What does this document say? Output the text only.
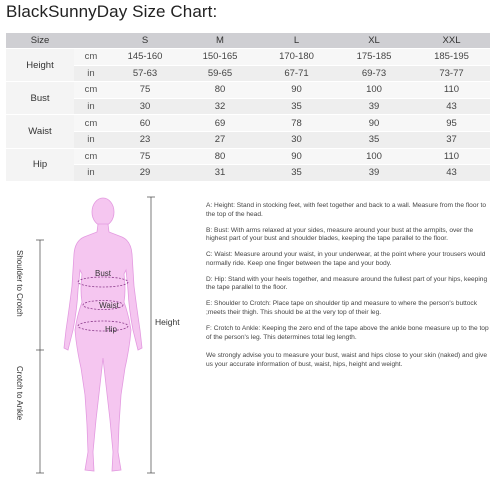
BlackSunnyDay Size Chart:
Size		S	M	L	XL	XXL
Height	cm	145-160	150-165	170-180	175-185	185-195
	in	57-63	59-65	67-71	69-73	73-77
Bust	cm	75	80	90	100	110
	in	30	32	35	39	43
Waist	cm	60	69	78	90	95
	in	23	27	30	35	37
Hip	cm	75	80	90	100	110
	in	29	31	35	39	43
Bust
Waist
Hip
Height
Shoulder to Crotch
Crotch to Ankle

A: Height: Stand in stocking feet, with feet together and back to a wall. Measure from the floor to the top of the head.

B: Bust: With arms relaxed at your sides, measure around your bust at the armpits, over the highest part of your bust and shoulder blades, keeping the tape parallel to the floor.

C: Waist: Measure around your waist, in your underwear, at the point where your trousers would normally ride. Keep one finger between the tape and your body.

D: Hip: Stand with your heels together, and measure around the fullest part of your hips, keeping the tape parallel to the floor.

E: Shoulder to Crotch: Place tape on shoulder tip and measure to where the person's buttock ;meets their thigh. This should be at the very top of their leg.

F: Crotch to Ankle: Keeping the zero end of the tape above the ankle bone measure up to the top of the person's leg. This determines total leg length.

We strongly advise you to measure your bust, waist and hips close to your skin (naked) and give us your accurate information of bust, waist, hips, height and weight.
